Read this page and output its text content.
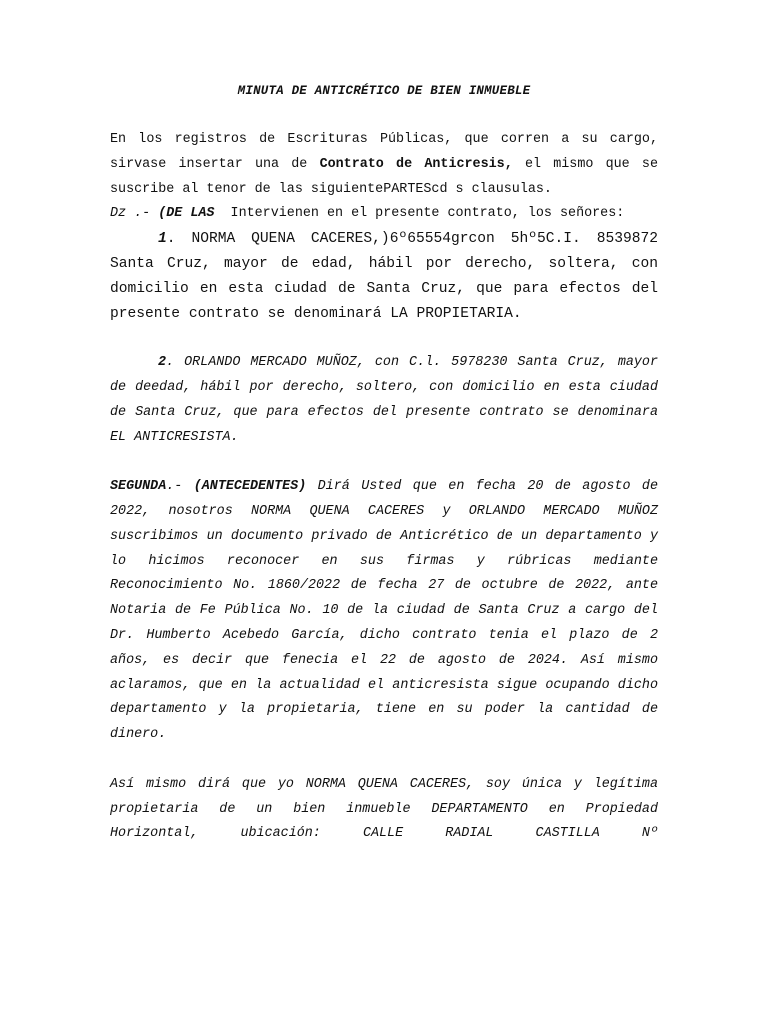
MINUTA DE ANTICRÉTICO DE BIEN INMUEBLE

En los registros de Escrituras Públicas, que corren a su cargo, sirvase insertar una de Contrato de Anticresis, el mismo que se suscribe al tenor de las siguientePARTEScd s clausulas.

Dz .- (DE LAS  Intervienen en el presente contrato, los señores:

1. NORMA QUENA CACERES,)6º65554grcon 5hº5C.I. 8539872 Santa Cruz, mayor de edad, hábil por derecho, soltera, con domicilio en esta ciudad de Santa Cruz, que para efectos del presente contrato se denominará LA PROPIETARIA.

2. ORLANDO MERCADO MUÑOZ, con C.l. 5978230 Santa Cruz, mayor de deedad, hábil por derecho, soltero, con domicilio en esta ciudad de Santa Cruz, que para efectos del presente contrato se denominara EL ANTICRESISTA.

SEGUNDA.- (ANTECEDENTES) Dirá Usted que en fecha 20 de agosto de 2022, nosotros NORMA QUENA CACERES y ORLANDO MERCADO MUÑOZ suscribimos un documento privado de Anticrético de un departamento y lo hicimos reconocer en sus firmas y rúbricas mediante Reconocimiento No. 1860/2022 de fecha 27 de octubre de 2022, ante Notaria de Fe Pública No. 10 de la ciudad de Santa Cruz a cargo del Dr. Humberto Acebedo García, dicho contrato tenia el plazo de 2 años, es decir que fenecia el 22 de agosto de 2024. Así mismo aclaramos, que en la actualidad el anticresista sigue ocupando dicho departamento y la propietaria, tiene en su poder la cantidad de dinero.

Así mismo dirá que yo NORMA QUENA CACERES, soy única y legítima propietaria de un bien inmueble DEPARTAMENTO en Propiedad Horizontal, ubicación: CALLE RADIAL CASTILLA Nº
